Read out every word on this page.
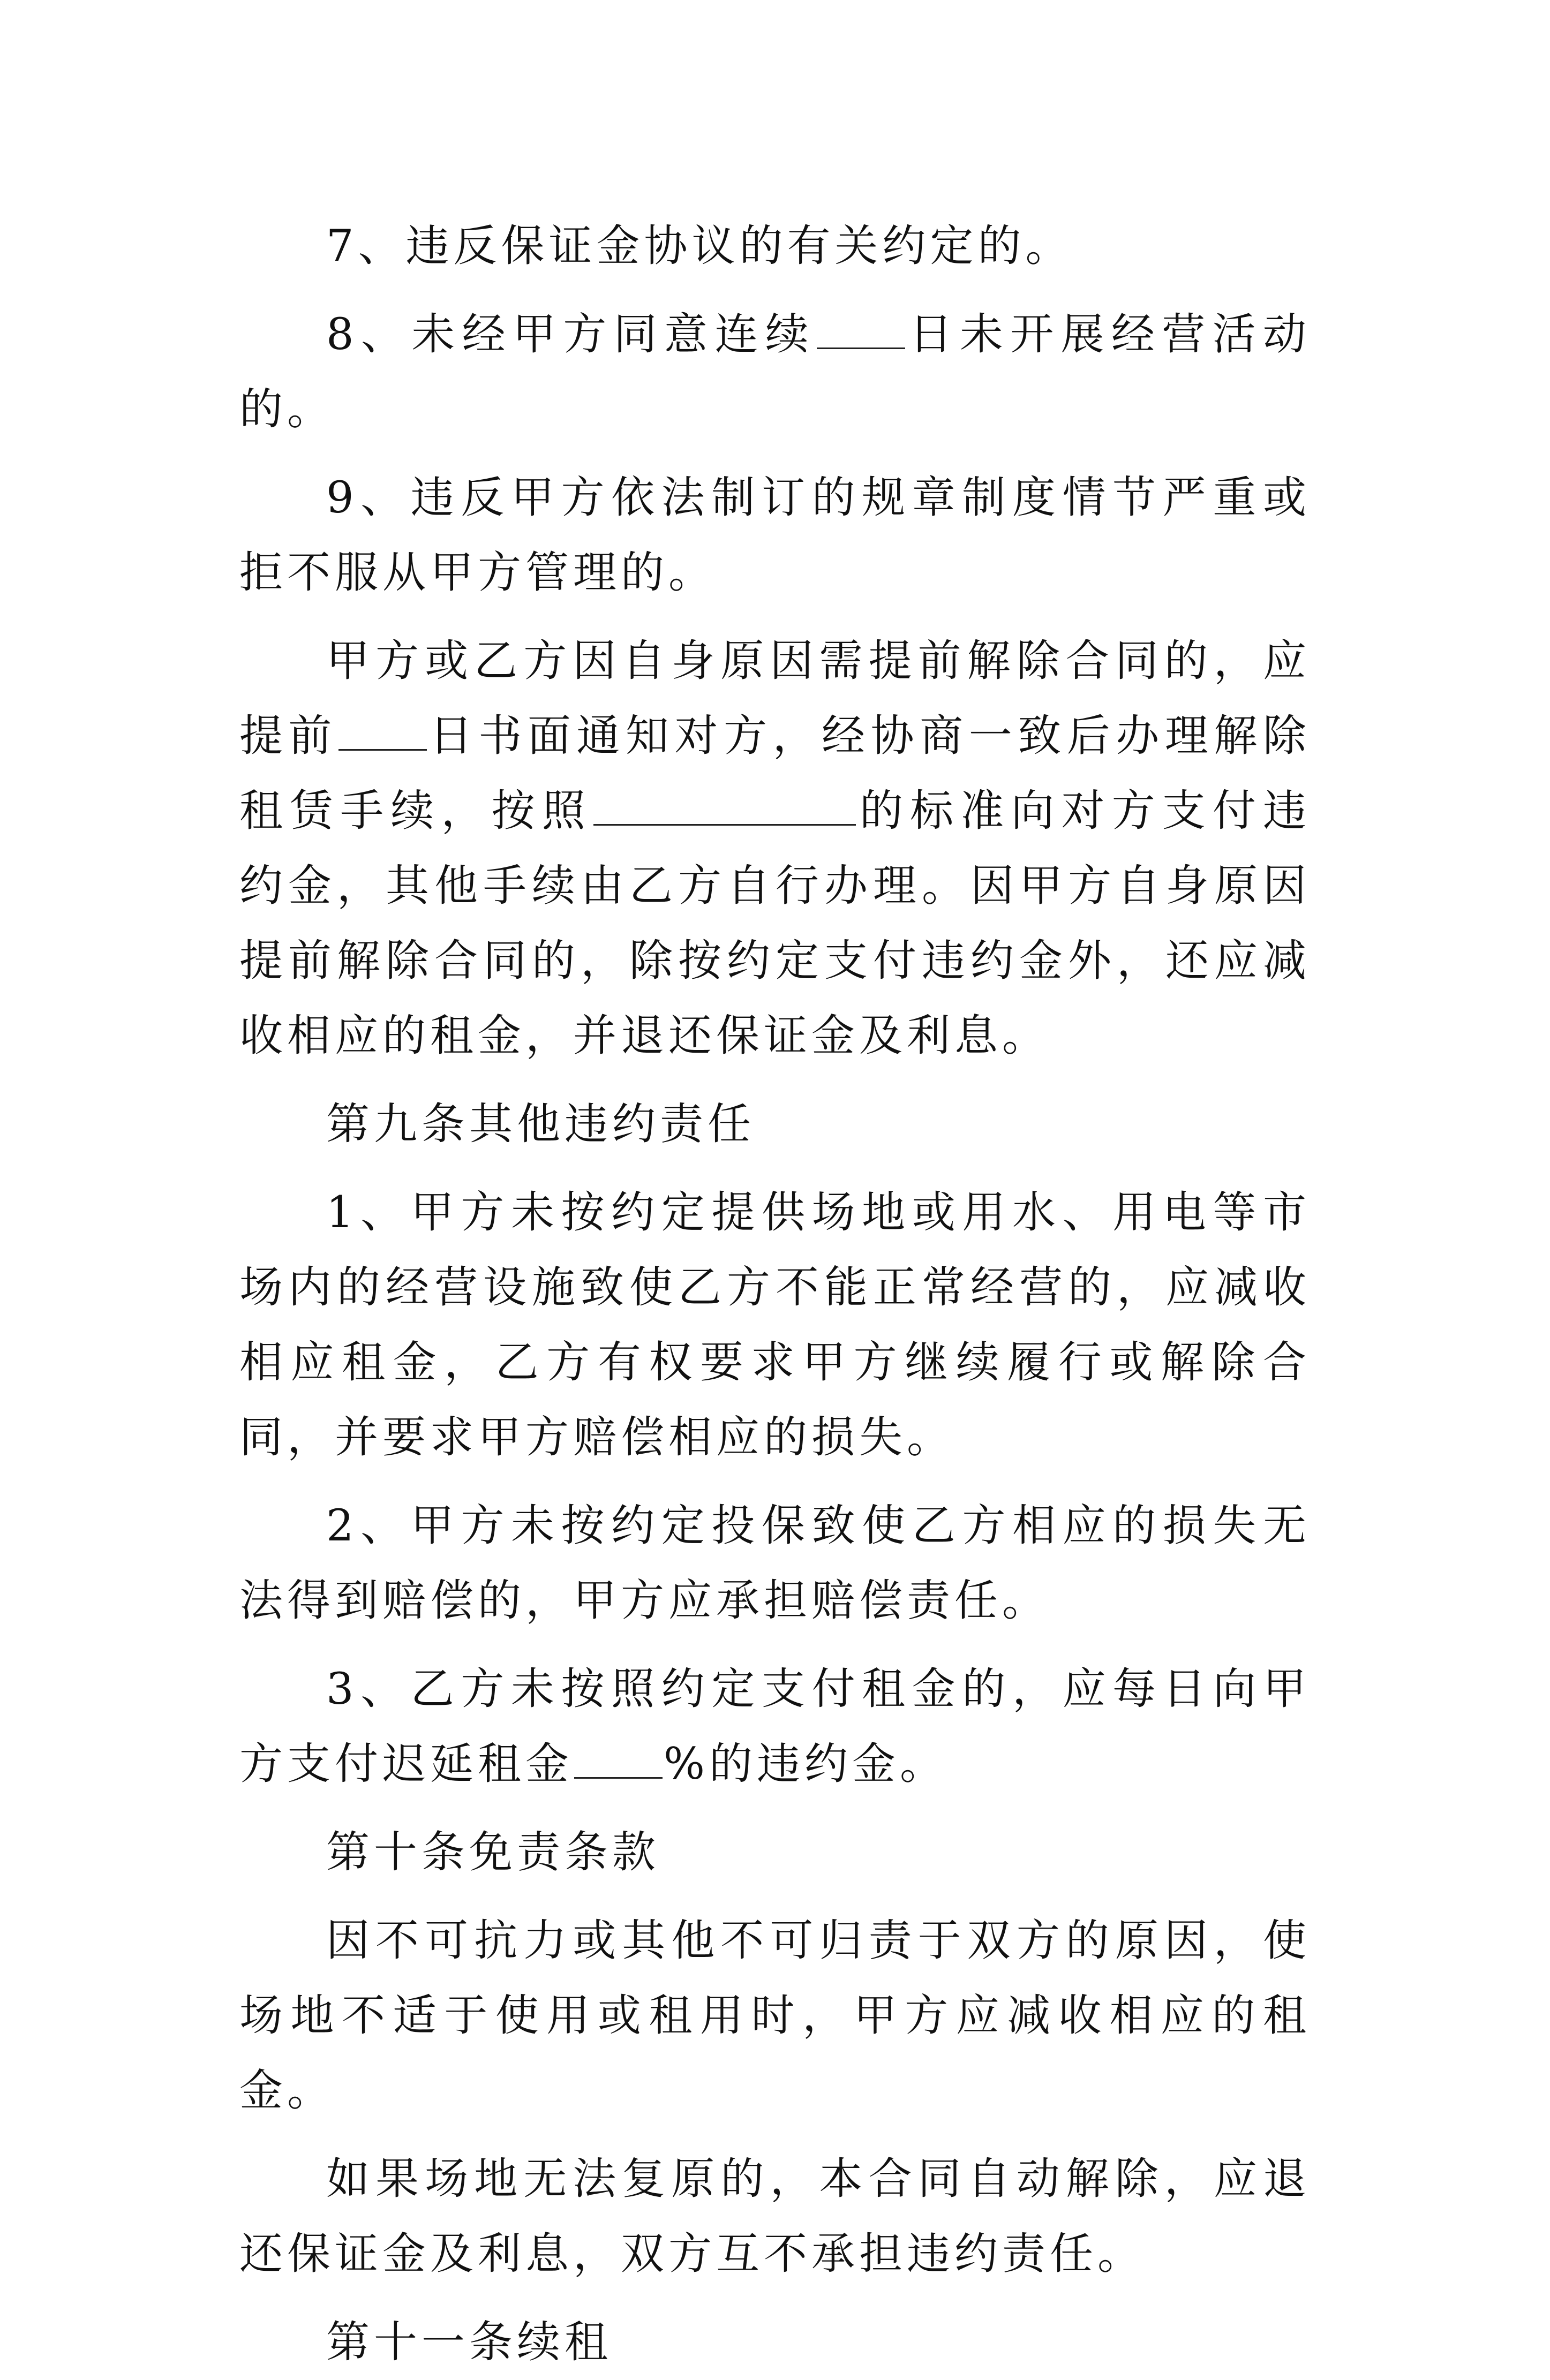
7、违反保证金协议的有关约定的。

8、未经甲方同意连续 日未开展经营活动的。

9、违反甲方依法制订的规章制度情节严重或拒不服从甲方管理的。

甲方或乙方因自身原因需提前解除合同的，应提前 日书面通知对方，经协商一致后办理解除租赁手续，按照	的标准向对方支付违约金，其他手续由乙方自行办理。因甲方自身原因提前解除合同的，除按约定支付违约金外，还应减收相应的租金，并退还保证金及利息。

第九条其他违约责任

1、甲方未按约定提供场地或用水、用电等市场内的经营设施致使乙方不能正常经营的，应减收相应租金，乙方有权要求甲方继续履行或解除合同，并要求甲方赔偿相应的损失。

2、甲方未按约定投保致使乙方相应的损失无法得到赔偿的，甲方应承担赔偿责任。

3、乙方未按照约定支付租金的，应每日向甲方支付迟延租金 %的违约金。

第十条免责条款

因不可抗力或其他不可归责于双方的原因，使场地不适于使用或租用时，甲方应减收相应的租金。

如果场地无法复原的，本合同自动解除，应退还保证金及利息，双方互不承担违约责任。

第十一条续租
